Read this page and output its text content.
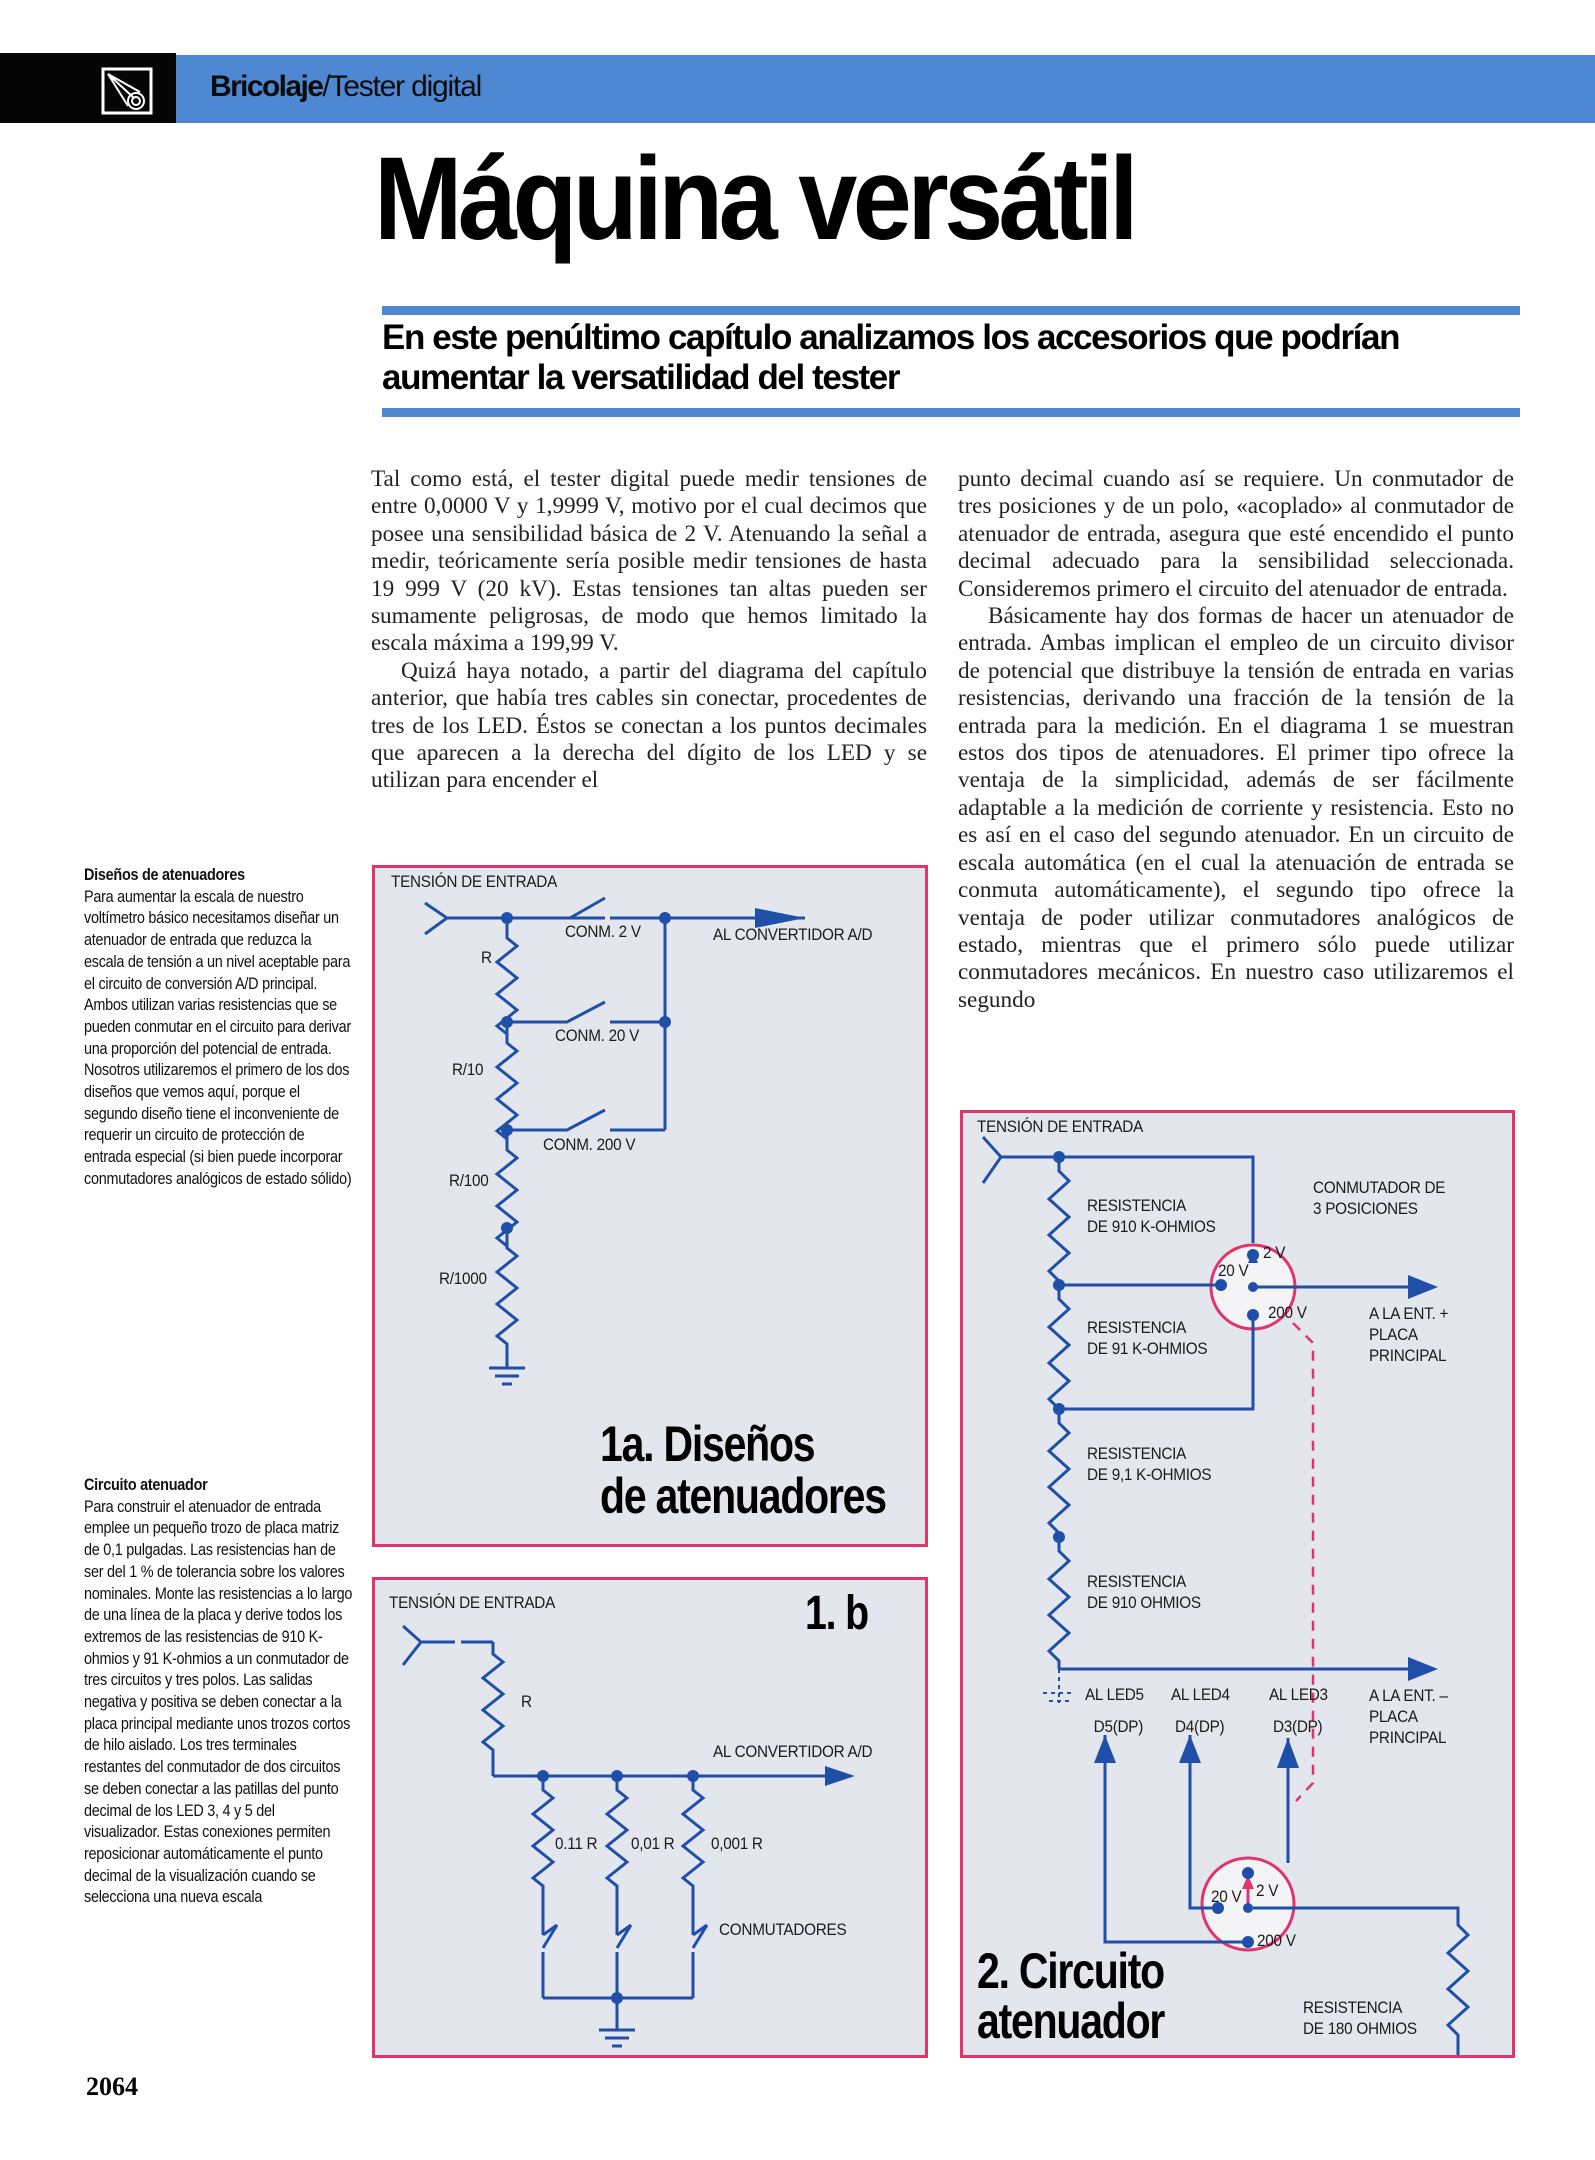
Bricolaje/Tester digital
Máquina versátil

En este penúltimo capítulo analizamos los accesorios que podrían aumentar la versatilidad del tester

Tal como está, el tester digital puede medir tensiones de entre 0,0000 V y 1,9999 V, motivo por el cual decimos que posee una sensibilidad básica de 2 V. Atenuando la señal a medir, teóricamente sería posible medir tensiones de hasta 19 999 V (20 kV). Estas tensiones tan altas pueden ser sumamente peligrosas, de modo que hemos limitado la escala máxima a 199,99 V.

Quizá haya notado, a partir del diagrama del capítulo anterior, que había tres cables sin conectar, procedentes de tres de los LED. Éstos se conectan a los puntos decimales que aparecen a la derecha del dígito de los LED y se utilizan para encender el

punto decimal cuando así se requiere. Un conmutador de tres posiciones y de un polo, «acoplado» al conmutador de atenuador de entrada, asegura que esté encendido el punto decimal adecuado para la sensibilidad seleccionada. Consideremos primero el circuito del atenuador de entrada.

Básicamente hay dos formas de hacer un atenuador de entrada. Ambas implican el empleo de un circuito divisor de potencial que distribuye la tensión de entrada en varias resistencias, derivando una fracción de la tensión de la entrada para la medición. En el diagrama 1 se muestran estos dos tipos de atenuadores. El primer tipo ofrece la ventaja de la simplicidad, además de ser fácilmente adaptable a la medición de corriente y resistencia. Esto no es así en el caso del segundo atenuador. En un circuito de escala automática (en el cual la atenuación de entrada se conmuta automáticamente), el segundo tipo ofrece la ventaja de poder utilizar conmutadores analógicos de estado, mientras que el primero sólo puede utilizar conmutadores mecánicos. En nuestro caso utilizaremos el segundo

Diseños de atenuadores
Para aumentar la escala de nuestro voltímetro básico necesitamos diseñar un atenuador de entrada que reduzca la escala de tensión a un nivel aceptable para el circuito de conversión A/D principal. Ambos utilizan varias resistencias que se pueden conmutar en el circuito para derivar una proporción del potencial de entrada. Nosotros utilizaremos el primero de los dos diseños que vemos aquí, porque el segundo diseño tiene el inconveniente de requerir un circuito de protección de entrada especial (si bien puede incorporar conmutadores analógicos de estado sólido)
Circuito atenuador
Para construir el atenuador de entrada emplee un pequeño trozo de placa matriz de 0,1 pulgadas. Las resistencias han de ser del 1 % de tolerancia sobre los valores nominales. Monte las resistencias a lo largo de una línea de la placa y derive todos los extremos de las resistencias de 910 K-ohmios y 91 K-ohmios a un conmutador de tres circuitos y tres polos. Las salidas negativa y positiva se deben conectar a la placa principal mediante unos trozos cortos de hilo aislado. Los tres terminales restantes del conmutador de dos circuitos se deben conectar a las patillas del punto decimal de los LED 3, 4 y 5 del visualizador. Estas conexiones permiten reposicionar automáticamente el punto decimal de la visualización cuando se selecciona una nueva escala
2064
TENSIÓN DE ENTRADA
CONM. 2 V
CONM. 20 V
CONM. 200 V
AL CONVERTIDOR A/D
R
R/10
R/100
R/1000
1a. Diseños
de atenuadores
TENSIÓN DE ENTRADA	1. b
R
AL CONVERTIDOR A/D
0.11 R 0,01 R 0,001 R
CONMUTADORES
TENSIÓN DE ENTRADA
RESISTENCIA
DE 910 K-OHMIOS
RESISTENCIA
DE 91 K-OHMIOS
RESISTENCIA
DE 9,1 K-OHMIOS
RESISTENCIA
DE 910 OHMIOS
CONMUTADOR DE
3 POSICIONES
2 V
20 V
200 V	A LA ENT. +
PLACA
PRINCIPAL
A LA ENT. –
PLACA
PRINCIPAL
AL LED5
D5(DP)
AL LED4
D4(DP)
AL LED3
D3(DP)
2 V
20 V
200 V
RESISTENCIA
DE 180 OHMIOS
2. Circuito
atenuador
